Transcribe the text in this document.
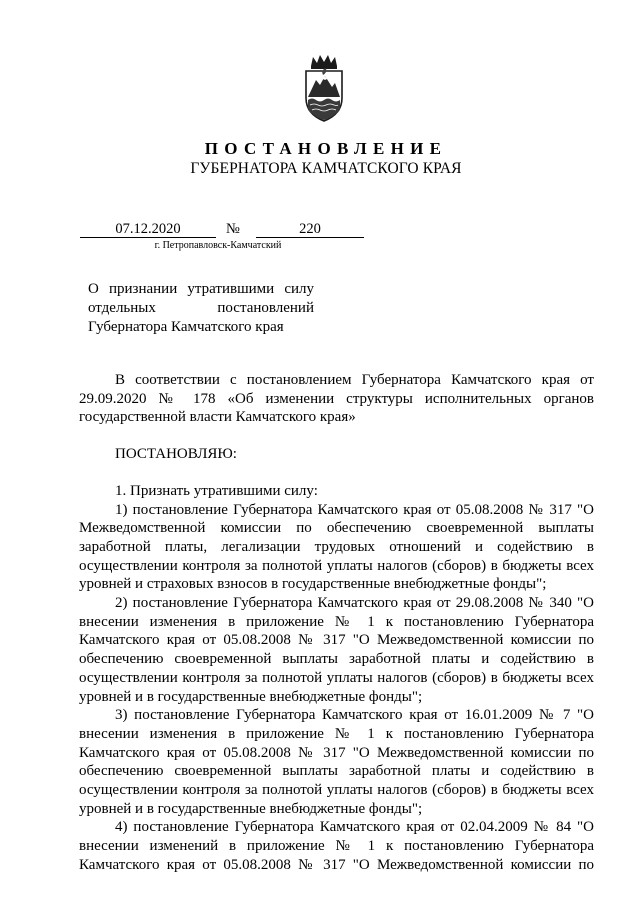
ПОСТАНОВЛЕНИЕ
ГУБЕРНАТОРА КАМЧАТСКОГО КРАЯ
07.12.2020	№	220
г. Петропавловск-Камчатский
О признании утратившими силу
отдельных постановлений
Губернатора Камчатского края
В соответствии с постановлением Губернатора Камчатского края от
29.09.2020 № 178 «Об изменении структуры исполнительных органов
государственной власти Камчатского края»
ПОСТАНОВЛЯЮ:
1. Признать утратившими силу:
1) постановление Губернатора Камчатского края от 05.08.2008 № 317 "О
Межведомственной комиссии по обеспечению своевременной выплаты
заработной платы, легализации трудовых отношений и содействию в
осуществлении контроля за полнотой уплаты налогов (сборов) в бюджеты всех
уровней и страховых взносов в государственные внебюджетные фонды";
2) постановление Губернатора Камчатского края от 29.08.2008 № 340 "О
внесении изменения в приложение № 1 к постановлению Губернатора
Камчатского края от 05.08.2008 № 317 "О Межведомственной комиссии по
обеспечению своевременной выплаты заработной платы и содействию в
осуществлении контроля за полнотой уплаты налогов (сборов) в бюджеты всех
уровней и в государственные внебюджетные фонды";
3) постановление Губернатора Камчатского края от 16.01.2009 № 7 "О
внесении изменения в приложение № 1 к постановлению Губернатора
Камчатского края от 05.08.2008 № 317 "О Межведомственной комиссии по
обеспечению своевременной выплаты заработной платы и содействию в
осуществлении контроля за полнотой уплаты налогов (сборов) в бюджеты всех
уровней и в государственные внебюджетные фонды";
4) постановление Губернатора Камчатского края от 02.04.2009 № 84 "О
внесении изменений в приложение № 1 к постановлению Губернатора
Камчатского края от 05.08.2008 № 317 "О Межведомственной комиссии по
